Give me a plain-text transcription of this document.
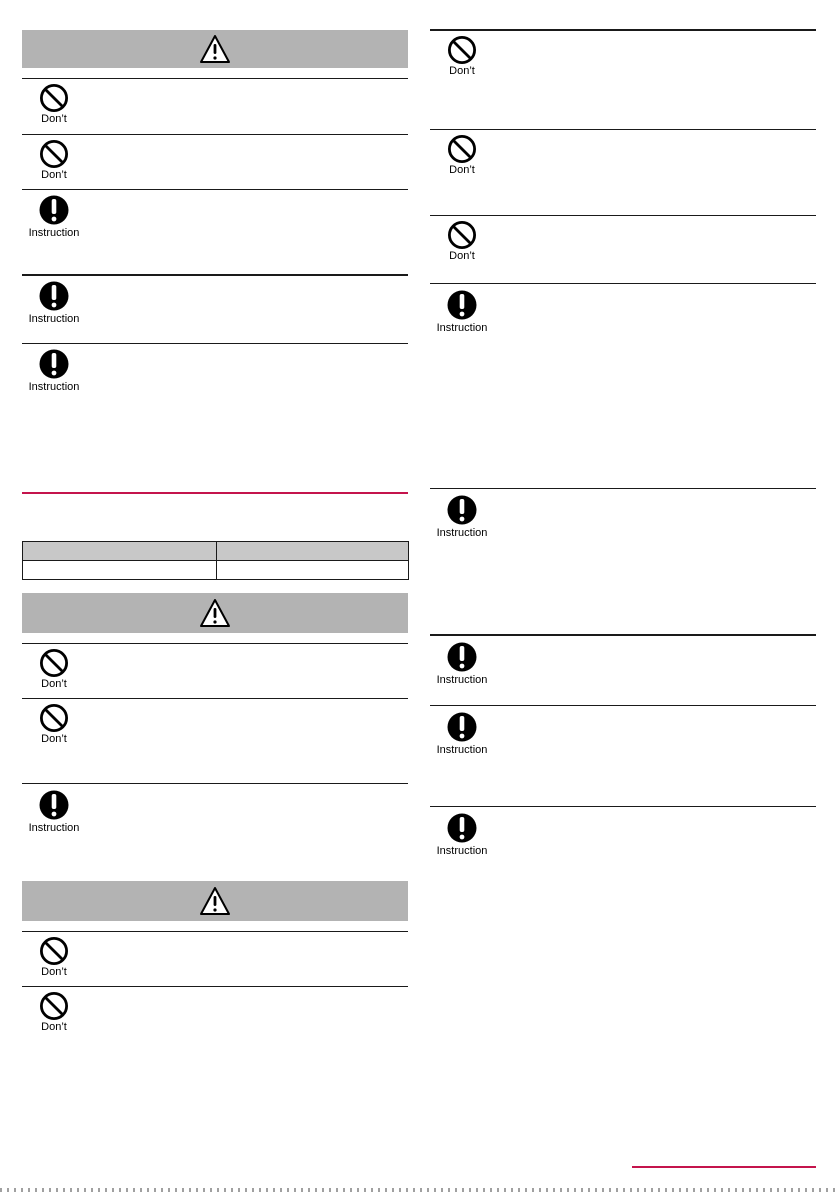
Don’t
Don’t
Instruction
Instruction
Instruction

Don’t
Don’t
Instruction
Don’t
Don’t
Don’t
Don’t
Don’t
Instruction
Instruction
Instruction
Instruction
Instruction
